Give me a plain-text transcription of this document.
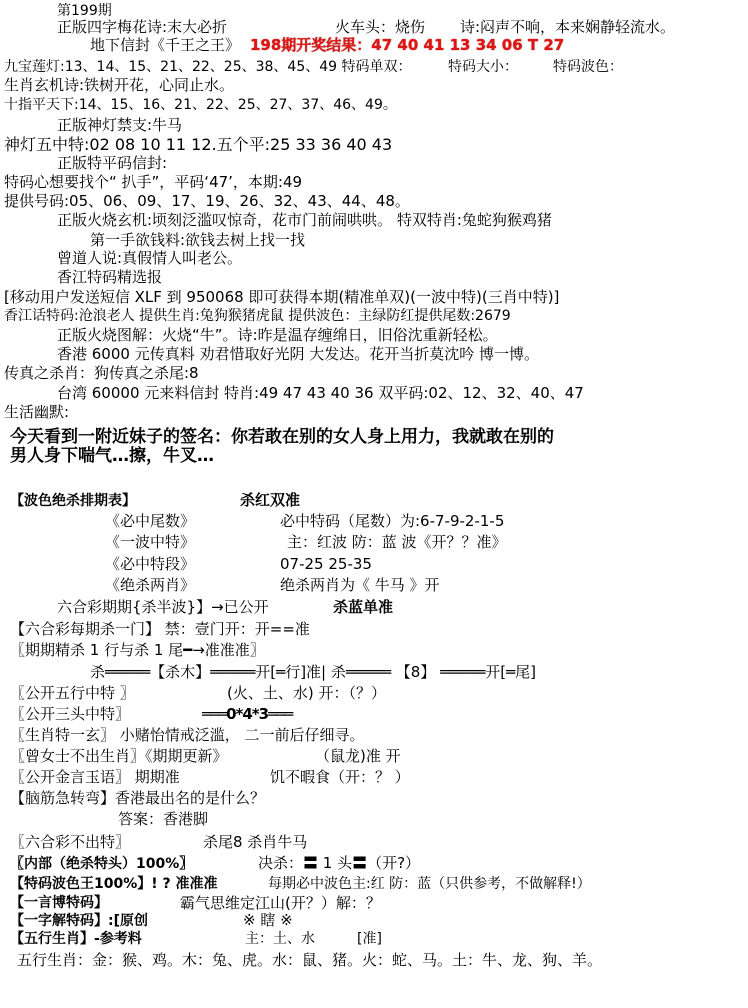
第199期
正版四字梅花诗:末大必折	火车头：烧伤 诗:闷声不响，本来娴静轻流水。
地下信封《千王之王》 198期开奖结果：47 40 41 13 34 06 T 27
九宝莲灯:13、14、15、21、22、25、38、45、49 特码单双：	特码大小：	特码波色：
生肖玄机诗:铁树开花，心同止水。
十指平天下:14、15、16、21、22、25、27、37、46、49。
正版神灯禁支:牛马
神灯五中特:02 08 10 11 12.五个平:25 33 36 40 43
正版特平码信封:
特码心想要找个“ 扒手”，平码‘47’，本期:49
提供号码:05、06、09、17、19、26、32、43、44、48。
正版火烧玄机:顷刻泛滥叹惊奇，花市门前闹哄哄。 特双特肖:兔蛇狗猴鸡猪
第一手欲钱料:欲钱去树上找一找
曾道人说:真假情人叫老公。
香江特码精选报
[移动用户发送短信 XLF 到 950068 即可获得本期(精准单双)(一波中特)(三肖中特)]
香江话特码:沧浪老人 提供生肖:兔狗猴猪虎鼠 提供波色：主绿防红提供尾数:2679
正版火烧图解：火烧“牛”。诗:昨是温存缠绵日，旧俗沈重新轻松。
香港 6000 元传真料 劝君惜取好光阴 大发达。花开当折莫沈吟 博一博。
传真之杀肖：狗传真之杀尾:8
台湾 60000 元来料信封 特肖:49 47 43 40 36 双平码:02、12、32、40、47
生活幽默:
今天看到一附近妹子的签名：你若敢在别的女人身上用力，我就敢在别的
男人身下喘气…擦，牛叉…
【波色绝杀排期表】	杀红双准
《必中尾数》	必中特码（尾数）为:6-7-9-2-1-5
《一波中特》	主：红波 防：蓝 波《开？？准》
《必中特段》	07-25 25-35
《绝杀两肖》	绝杀两肖为《 牛马 》开
六合彩期期{杀半波}】→已公开	杀蓝单准
【六合彩每期杀一门】 禁：壹门开：开==准
〖期期精杀 1 行与杀 1 尾━→准准准〗
杀═════【杀木】═════开[═行]准| 杀═════ 【8】 ═════开[═尾]
〖公开五行中特 〗	(火、土、水) 开：（？）
〖公开三头中特〗	═══0*4*3═══
〖生肖特一玄〗 小赌怡情戒泛滥， 二一前后仔细寻。
〖曾女士不出生肖〗《期期更新》	（鼠龙)准 开
〖公开金言玉语〗 期期准	饥不暇食（开：？ ）
【脑筋急转弯】香港最出名的是什么？
答案：香港脚
〖六合彩不出特〗	杀尾8 杀肖牛马
〖内部（绝杀特头）100%〗	决杀：〓 1 头〓（开?）
【特码波色王100%】! ? 准准准	每期必中波色主:红 防：蓝（只供参考，不做解释!）
【一言博特码】	霸气思维定江山(开？）解：？
【一字解特码】:[原创	※ 瞎 ※
【五行生肖】-参考料	主：土、水	[准]
五行生肖：金：猴、鸡。木：兔、虎。水：鼠、猪。火：蛇、马。土：牛、龙、狗、羊。
